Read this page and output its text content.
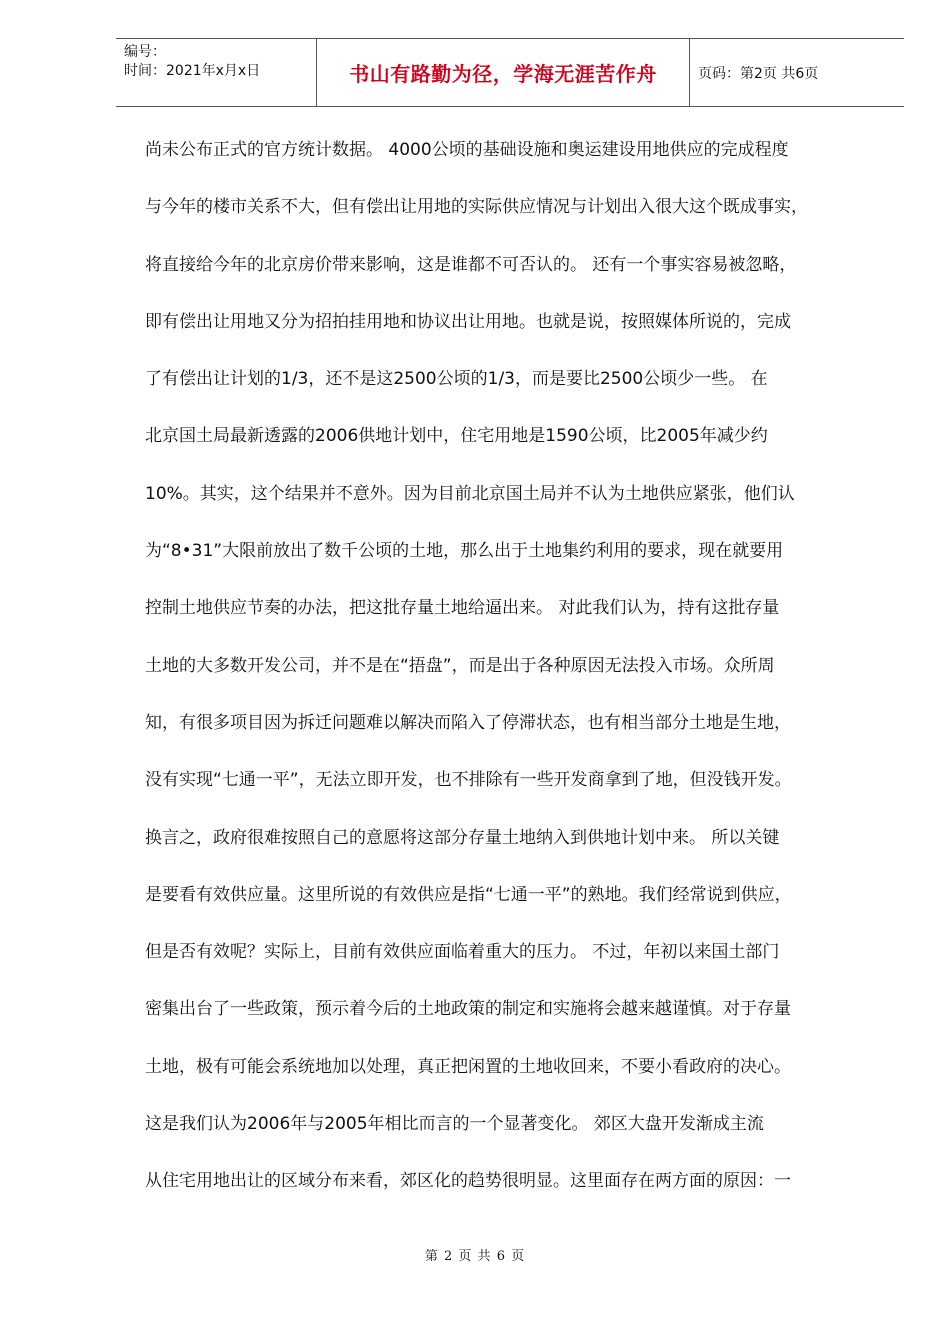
编号：
时间：2021年x月x日	书山有路勤为径，学海无涯苦作舟	页码：第2页 共6页

尚未公布正式的官方统计数据。 4000公顷的基础设施和奥运建设用地供应的完成程度

与今年的楼市关系不大，但有偿出让用地的实际供应情况与计划出入很大这个既成事实，

将直接给今年的北京房价带来影响，这是谁都不可否认的。 还有一个事实容易被忽略，

即有偿出让用地又分为招拍挂用地和协议出让用地。也就是说，按照媒体所说的，完成

了有偿出让计划的1/3，还不是这2500公顷的1/3，而是要比2500公顷少一些。 在

北京国土局最新透露的2006供地计划中，住宅用地是1590公顷，比2005年减少约

10%。其实，这个结果并不意外。因为目前北京国土局并不认为土地供应紧张，他们认

为“8•31”大限前放出了数千公顷的土地，那么出于土地集约利用的要求，现在就要用

控制土地供应节奏的办法，把这批存量土地给逼出来。 对此我们认为，持有这批存量

土地的大多数开发公司，并不是在“捂盘”，而是出于各种原因无法投入市场。众所周

知，有很多项目因为拆迁问题难以解决而陷入了停滞状态，也有相当部分土地是生地，

没有实现“七通一平”，无法立即开发，也不排除有一些开发商拿到了地，但没钱开发。

换言之，政府很难按照自己的意愿将这部分存量土地纳入到供地计划中来。 所以关键

是要看有效供应量。这里所说的有效供应是指“七通一平”的熟地。我们经常说到供应，

但是否有效呢？实际上，目前有效供应面临着重大的压力。 不过，年初以来国土部门

密集出台了一些政策，预示着今后的土地政策的制定和实施将会越来越谨慎。对于存量

土地，极有可能会系统地加以处理，真正把闲置的土地收回来，不要小看政府的决心。

这是我们认为2006年与2005年相比而言的一个显著变化。 郊区大盘开发渐成主流

从住宅用地出让的区域分布来看，郊区化的趋势很明显。这里面存在两方面的原因：一

第 2 页 共 6 页
